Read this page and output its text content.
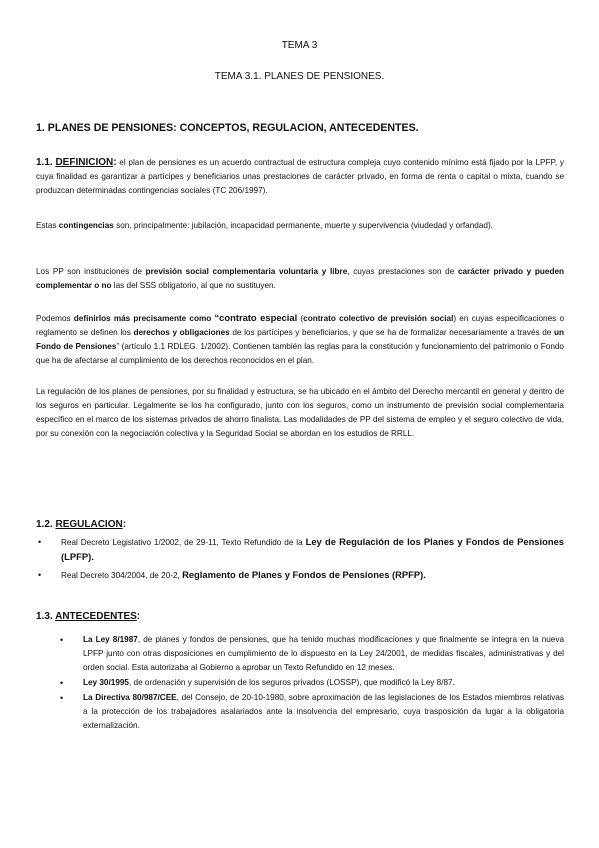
TEMA 3
TEMA 3.1. PLANES DE PENSIONES.
1. PLANES DE PENSIONES: CONCEPTOS, REGULACION, ANTECEDENTES.
1.1. DEFINICION: el plan de pensiones es un acuerdo contractual de estructura compleja cuyo contenido mínimo está fijado por la LPFP, y cuya finalidad es garantizar a partícipes y beneficiarios unas prestaciones de carácter privado, en forma de renta o capital o mixta, cuando se produzcan determinadas contingencias sociales (TC 206/1997).
Estas contingencias son, principalmente: jubilación, incapacidad permanente, muerte y supervivencia (viudedad y orfandad).
Los PP son instituciones de previsión social complementaria voluntaria y libre, cuyas prestaciones son de carácter privado y pueden complementar o no las del SSS obligatorio, al que no sustituyen.
Podemos definirlos más precisamente como “contrato especial (contrato colectivo de previsión social) en cuyas especificaciones o reglamento se definen los derechos y obligaciones de los partícipes y beneficiarios, y que se ha de formalizar necesariamente a través de un Fondo de Pensiones” (artículo 1.1 RDLEG. 1/2002). Contienen también las reglas para la constitución y funcionamiento del patrimonio o Fondo que ha de afectarse al cumplimiento de los derechos reconocidos en el plan.
La regulación de los planes de pensiones, por su finalidad y estructura, se ha ubicado en el ámbito del Derecho mercantil en general y dentro de los seguros en particular. Legalmente se los ha configurado, junto con los seguros, como un instrumento de previsión social complementaria específico en el marco de los sistemas privados de ahorro finalista. Las modalidades de PP del sistema de empleo y el seguro colectivo de vida, por su conexión con la negociación colectiva y la Seguridad Social se abordan en los estudios de RRLL.
1.2. REGULACION:
• Real Decreto Legislativo 1/2002, de 29-11, Texto Refundido de la Ley de Regulación de los Planes y Fondos de Pensiones (LPFP).
• Real Decreto 304/2004, de 20-2, Reglamento de Planes y Fondos de Pensiones (RPFP).
1.3. ANTECEDENTES:
• La Ley 8/1987, de planes y fondos de pensiones, que ha tenido muchas modificaciones y que finalmente se integra en la nueva LPFP junto con otras disposiciones en cumplimiento de lo dispuesto en la Ley 24/2001, de medidas fiscales, administrativas y del orden social. Esta autorizaba al Gobierno a aprobar un Texto Refundido en 12 meses.
• Ley 30/1995, de ordenación y supervisión de los seguros privados (LOSSP), que modificó la Ley 8/87.
• La Directiva 80/987/CEE, del Consejo, de 20-10-1980, sobre aproximación de las legislaciones de los Estados miembros relativas a la protección de los trabajadores asalariados ante la insolvencia del empresario, cuya trasposición da lugar a la obligatoria externalización.
